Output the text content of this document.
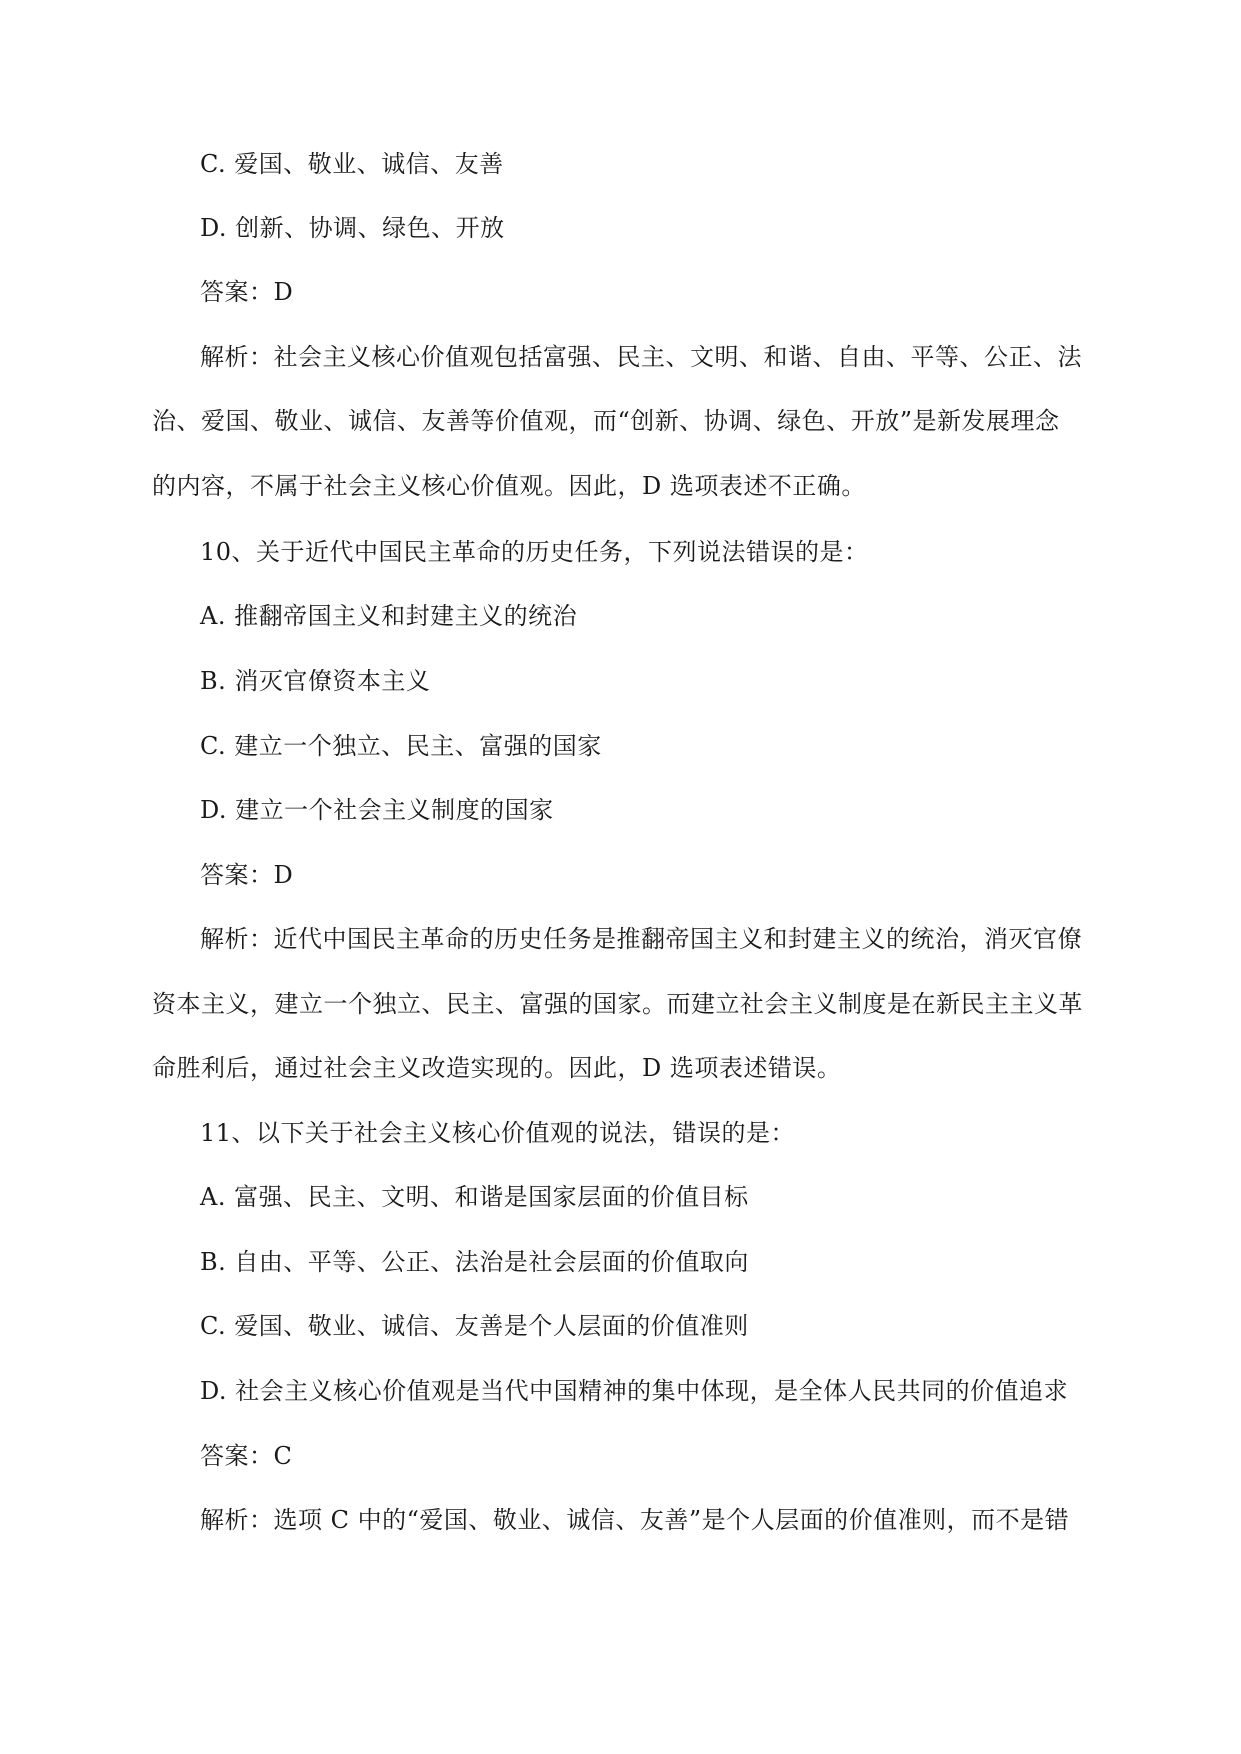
C. 爱国、敬业、诚信、友善
D. 创新、协调、绿色、开放
答案：D
解析：社会主义核心价值观包括富强、民主、文明、和谐、自由、平等、公正、法
治、爱国、敬业、诚信、友善等价值观，而“创新、协调、绿色、开放”是新发展理念
的内容，不属于社会主义核心价值观。因此，D 选项表述不正确。
10、关于近代中国民主革命的历史任务，下列说法错误的是：
A. 推翻帝国主义和封建主义的统治
B. 消灭官僚资本主义
C. 建立一个独立、民主、富强的国家
D. 建立一个社会主义制度的国家
答案：D
解析：近代中国民主革命的历史任务是推翻帝国主义和封建主义的统治，消灭官僚
资本主义，建立一个独立、民主、富强的国家。而建立社会主义制度是在新民主主义革
命胜利后，通过社会主义改造实现的。因此，D 选项表述错误。
11、以下关于社会主义核心价值观的说法，错误的是：
A. 富强、民主、文明、和谐是国家层面的价值目标
B. 自由、平等、公正、法治是社会层面的价值取向
C. 爱国、敬业、诚信、友善是个人层面的价值准则
D. 社会主义核心价值观是当代中国精神的集中体现，是全体人民共同的价值追求
答案：C
解析：选项 C 中的“爱国、敬业、诚信、友善”是个人层面的价值准则，而不是错
